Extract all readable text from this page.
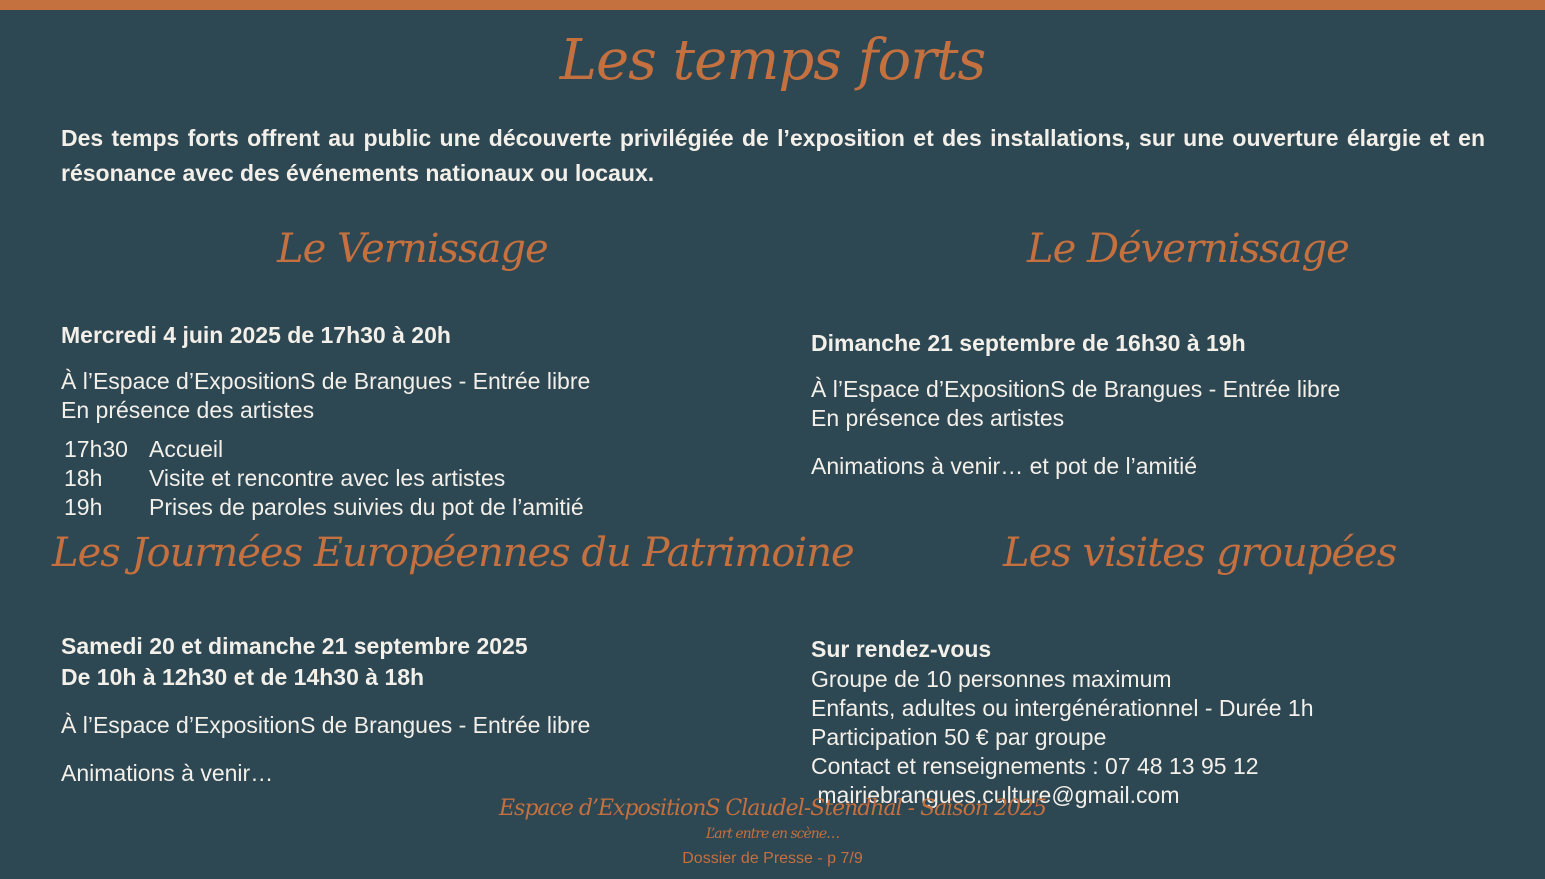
Les temps forts
Des temps forts offrent au public une découverte privilégiée de l’exposition et des installations, sur une ouverture élargie et en résonance avec des événements nationaux ou locaux.
Le Vernissage
Mercredi 4 juin 2025 de 17h30 à 20h
À l’Espace d’ExpositionS de Brangues - Entrée libre
En présence des artistes
17h30 Accueil
18h	Visite et rencontre avec les artistes
19h	Prises de paroles suivies du pot de l’amitié
Le Dévernissage
Dimanche 21 septembre de 16h30 à 19h
À l’Espace d’ExpositionS de Brangues - Entrée libre
En présence des artistes
Animations à venir… et pot de l’amitié
Les Journées Européennes du Patrimoine
Samedi 20 et dimanche 21 septembre 2025
De 10h à 12h30 et de 14h30 à 18h
À l’Espace d’ExpositionS de Brangues - Entrée libre
Animations à venir…
Les visites groupées
Sur rendez-vous
Groupe de 10 personnes maximum
Enfants, adultes ou intergénérationnel - Durée 1h
Participation 50 € par groupe
Contact et renseignements : 07 48 13 95 12
mairiebrangues.culture@gmail.com
Espace d’ExpositionS Claudel-Stendhal - Saison 2025
L’art entre en scène…
Dossier de Presse - p 7/9
